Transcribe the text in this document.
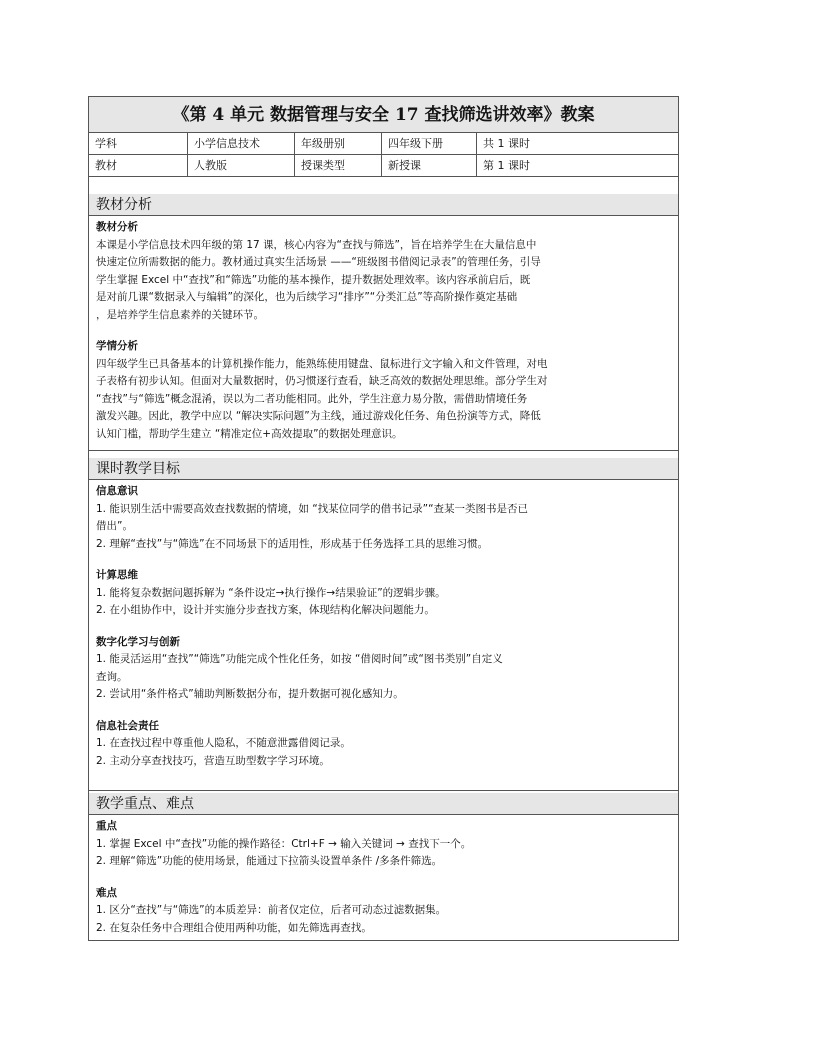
《第 4 单元 数据管理与安全 17 查找筛选讲效率》教案
学科	小学信息技术	年级册别	四年级下册	共 1 课时
教材	人教版	授课类型	新授课	第 1 课时
教材分析

教材分析

本课是小学信息技术四年级的第 17 课，核心内容为“查找与筛选”，旨在培养学生在大量信息中

快速定位所需数据的能力。教材通过真实生活场景 ——“班级图书借阅记录表”的管理任务，引导

学生掌握 Excel 中“查找”和“筛选”功能的基本操作，提升数据处理效率。该内容承前启后，既

是对前几课“数据录入与编辑”的深化，也为后续学习“排序”“分类汇总”等高阶操作奠定基础

，是培养学生信息素养的关键环节。

学情分析

四年级学生已具备基本的计算机操作能力，能熟练使用键盘、鼠标进行文字输入和文件管理，对电

子表格有初步认知。但面对大量数据时，仍习惯逐行查看，缺乏高效的数据处理思维。部分学生对

“查找”与“筛选”概念混淆，误以为二者功能相同。此外，学生注意力易分散，需借助情境任务

激发兴趣。因此，教学中应以 “解决实际问题”为主线，通过游戏化任务、角色扮演等方式，降低

认知门槛，帮助学生建立 “精准定位+高效提取”的数据处理意识。

课时教学目标

信息意识

1. 能识别生活中需要高效查找数据的情境，如 “找某位同学的借书记录”“查某一类图书是否已

借出”。

2. 理解“查找”与“筛选”在不同场景下的适用性，形成基于任务选择工具的思维习惯。

计算思维

1. 能将复杂数据问题拆解为 “条件设定→执行操作→结果验证”的逻辑步骤。

2. 在小组协作中，设计并实施分步查找方案，体现结构化解决问题能力。

数字化学习与创新

1. 能灵活运用“查找”“筛选”功能完成个性化任务，如按 “借阅时间”或“图书类别”自定义

查询。

2. 尝试用“条件格式”辅助判断数据分布，提升数据可视化感知力。

信息社会责任

1. 在查找过程中尊重他人隐私，不随意泄露借阅记录。

2. 主动分享查找技巧，营造互助型数字学习环境。

教学重点、难点

重点

1. 掌握 Excel 中“查找”功能的操作路径：Ctrl+F → 输入关键词 → 查找下一个。

2. 理解“筛选”功能的使用场景，能通过下拉箭头设置单条件 /多条件筛选。

难点

1. 区分“查找”与“筛选”的本质差异：前者仅定位，后者可动态过滤数据集。

2. 在复杂任务中合理组合使用两种功能，如先筛选再查找。
